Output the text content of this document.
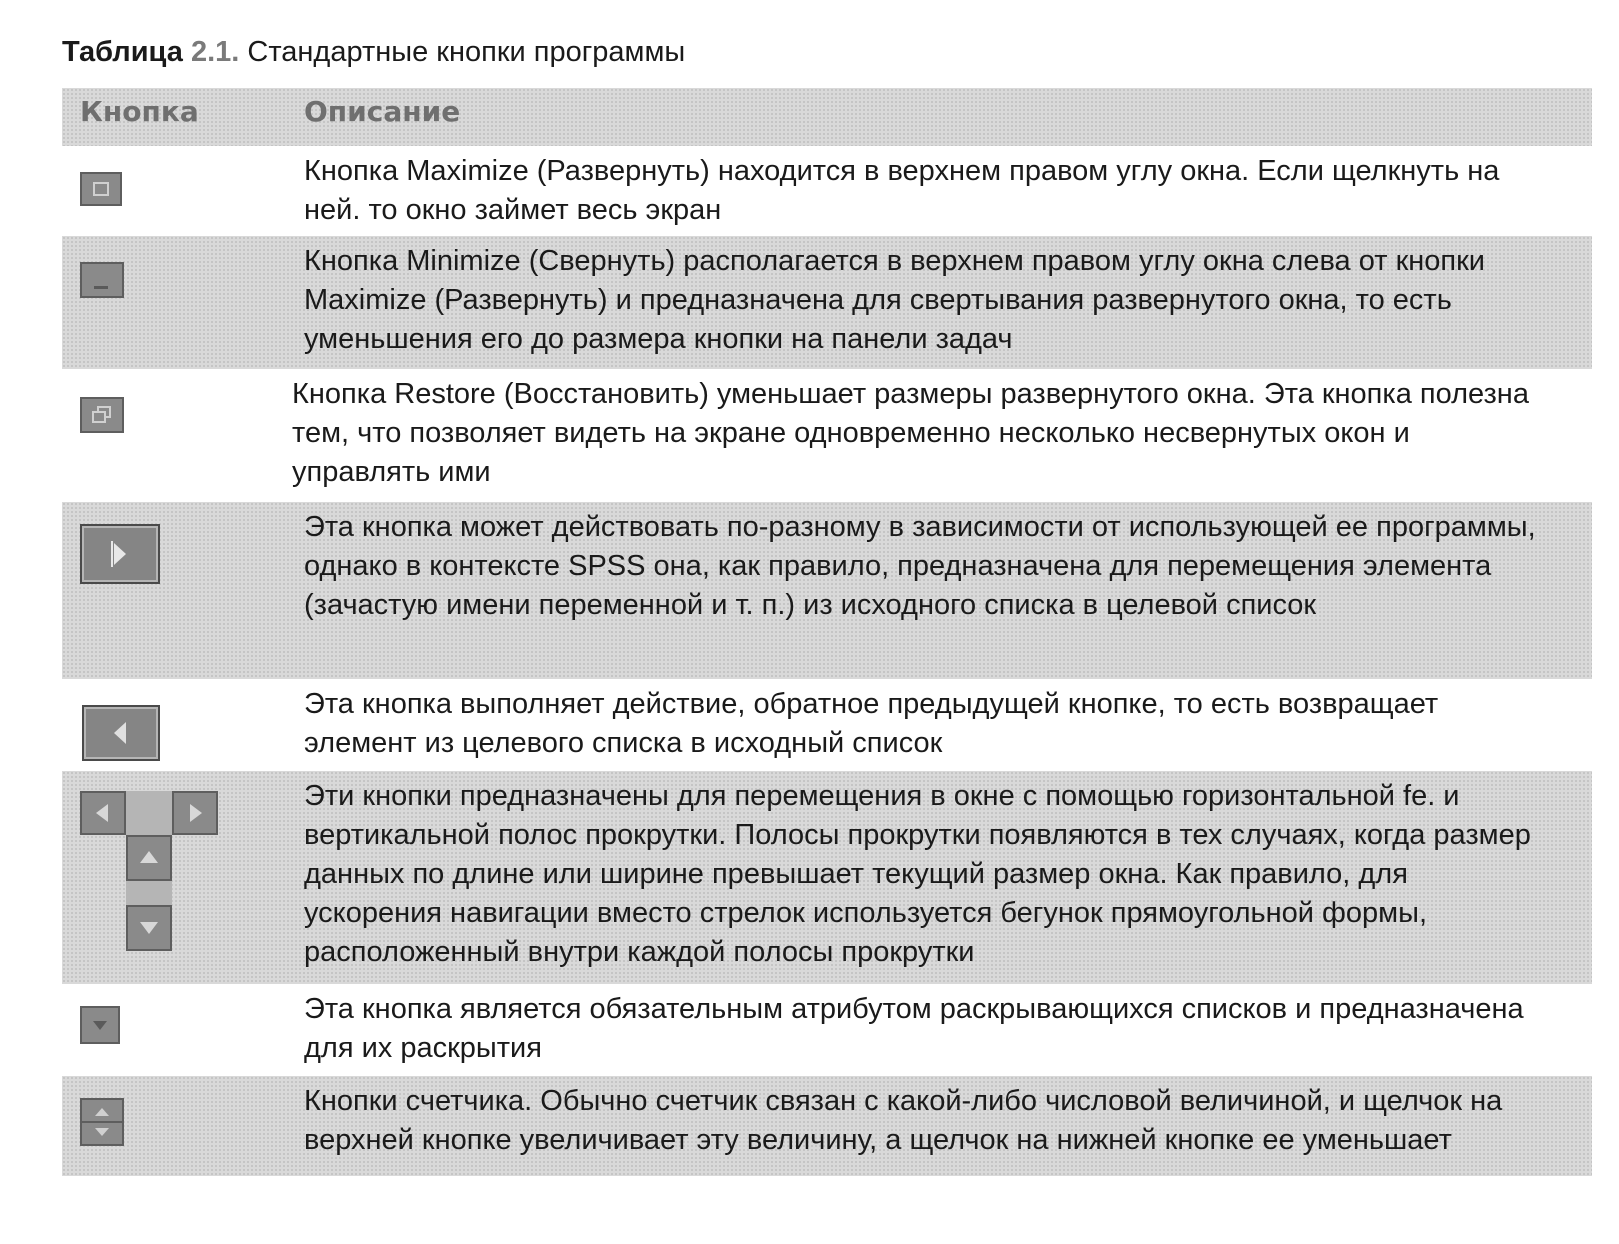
Таблица 2.1. Стандартные кнопки программы
Кнопка	Описание
Кнопка Maximize (Развернуть) находится в верхнем правом углу окна. Если щелкнуть на ней. то окно займет весь экран
Кнопка Minimize (Свернуть) располагается в верхнем правом углу окна слева от кнопки Maximize (Развернуть) и предназначена для свертывания развернутого окна, то есть уменьшения его до размера кнопки на панели задач
Кнопка Restore (Восстановить) уменьшает размеры развернутого окна. Эта кнопка полезна тем, что позволяет видеть на экране одновременно несколько несвернутых окон и управлять ими
Эта кнопка может действовать по-разному в зависимости от использующей ее программы, однако в контексте SPSS она, как правило, предназначена для перемещения элемента (зачастую имени переменной и т. п.) из исходного списка в целевой список
Эта кнопка выполняет действие, обратное предыдущей кнопке, то есть возвращает элемент из целевого списка в исходный список
Эти кнопки предназначены для перемещения в окне с помощью горизонтальной fe. и вертикальной полос прокрутки. Полосы прокрутки появляются в тех случаях, когда размер данных по длине или ширине превышает текущий размер окна. Как правило, для ускорения навигации вместо стрелок используется бегунок прямоугольной формы, расположенный внутри каждой полосы прокрутки
Эта кнопка является обязательным атрибутом раскрывающихся списков и предназначена для их раскрытия
Кнопки счетчика. Обычно счетчик связан с какой-либо числовой величиной, и щелчок на верхней кнопке увеличивает эту величину, а щелчок на нижней кнопке ее уменьшает
